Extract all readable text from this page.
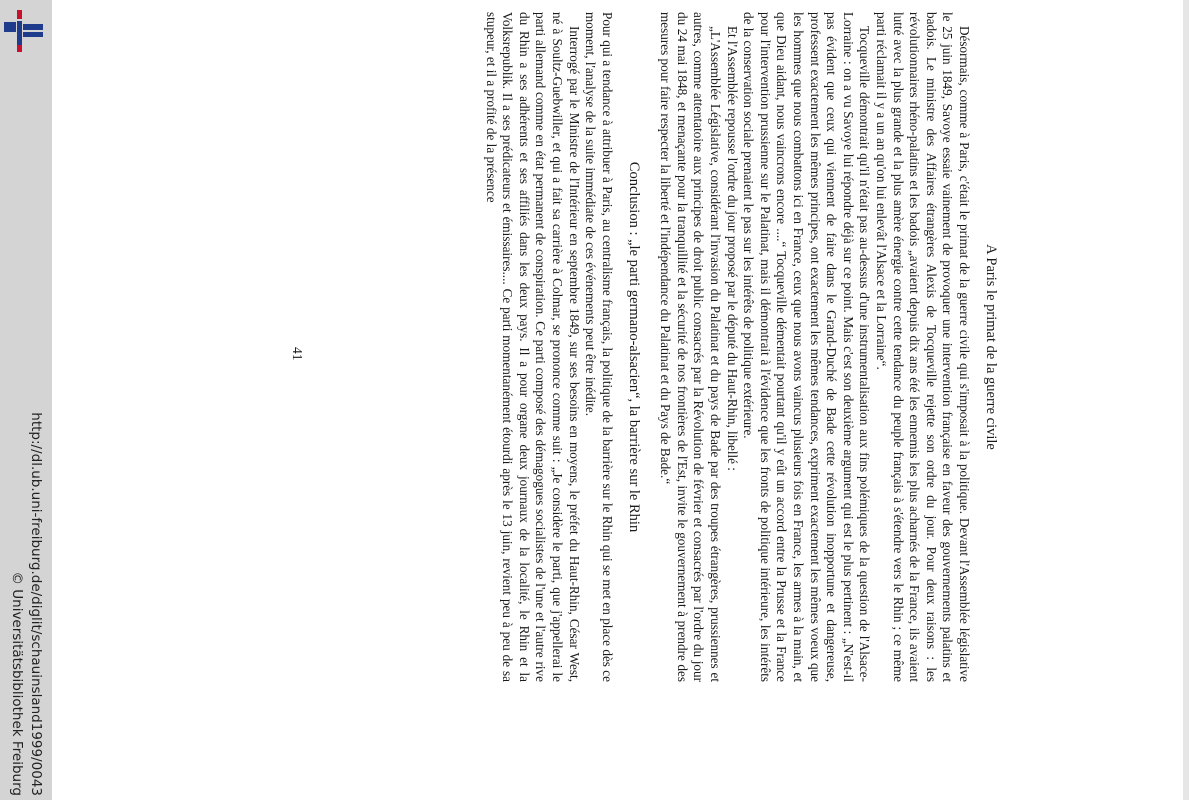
http://dl.ub.uni-freiburg.de/diglit/schauinsland1999/0043
© Universitätsbibliothek Freiburg
A Paris le primat de la guerre civile

Désormais, comme à Paris, c'était le primat de la guerre civile qui s'imposait à la politique. Devant l'Assemblée législative le 25 juin 1849, Savoye essaie vainement de provoquer une intervention française en faveur des gouvernements palatins et badois. Le ministre des Affaires étrangères Alexis de Tocqueville rejette son ordre du jour. Pour deux raisons : les révolutionnaires rhéno-palatins et les badois „avaient depuis dix ans été les ennemis les plus acharnés de la France, ils avaient lutté avec la plus grande et la plus amère énergie contre cette tendance du peuple français à s'étendre vers le Rhin ; ce même parti réclamait il y a un an qu'on lui enlevât l'Alsace et la Lorraine“.

Tocqueville démontrait qu'il n'était pas au-dessus d'une instrumentalisation aux fins polémiques de la question de l'Alsace-Lorraine : on a vu Savoye lui répondre déjà sur ce point. Mais c'est son deuxième argument qui est le plus pertinent : „N'est-il pas évident que ceux qui viennent de faire dans le Grand-Duché de Bade cette révolution inopportune et dangereuse, professent exactement les mêmes principes, ont exactement les mêmes tendances, expriment exactement les mêmes voeux que les hommes que nous combattons ici en France, ceux que nous avons vaincus plusieurs fois en France, les armes à la main, et que Dieu aidant, nous vaincrons encore ....“ Tocqueville démentait pourtant qu'il y eût un accord entre la Prusse et la France pour l'intervention prussienne sur le Palatinat, mais il démontrait à l'évidence que les fronts de politique intérieure, les intérêts de la conservation sociale prenaient le pas sur les intérêts de politique extérieure.

Et l'Assemblée repousse l'ordre du jour proposé par le député du Haut-Rhin, libellé :

„L'Assemblée Législative, considérant l'invasion du Palatinat et du pays de Bade par des troupes étrangères, prussiennes et autres, comme attentatoire aux principes de droit public consacrés par la Révolution de février et consacrés par l'ordre du jour du 24 mai 1848, et menaçante pour la tranquillité et la sécurité de nos frontières de l'Est, invite le gouvernement à prendre des mesures pour faire respecter la liberté et l'indépendance du Palatinat et du Pays de Bade.“

Conclusion : „le parti germano-alsacien“, la barrière sur le Rhin

Pour qui a tendance à attribuer à Paris, au centralisme français, la politique de la barrière sur le Rhin qui se met en place dès ce moment, l'analyse de la suite immédiate de ces événements peut être inédite.

Interrogé par le Ministre de l'Intérieur en septembre 1849, sur ses besoins en moyens, le préfet du Haut-Rhin, César West, né à Soultz-Guebwiller, et qui a fait sa carrière à Colmar, se prononce comme suit : „Je considère le parti, que j'appellerai le parti allemand comme en état permanent de conspiration. Ce parti composé des démagogues socialistes de l'une et l'autre rive du Rhin a ses adhérents et ses affiliés dans les deux pays. Il a pour organe deux journaux de la localité, le Rhin et la Volksrepublik. Il a ses prédicateurs et émissaires.... Ce parti momentanément étourdi après le 13 juin, revient peu à peu de sa stupeur, et il a profité de la présence

41
